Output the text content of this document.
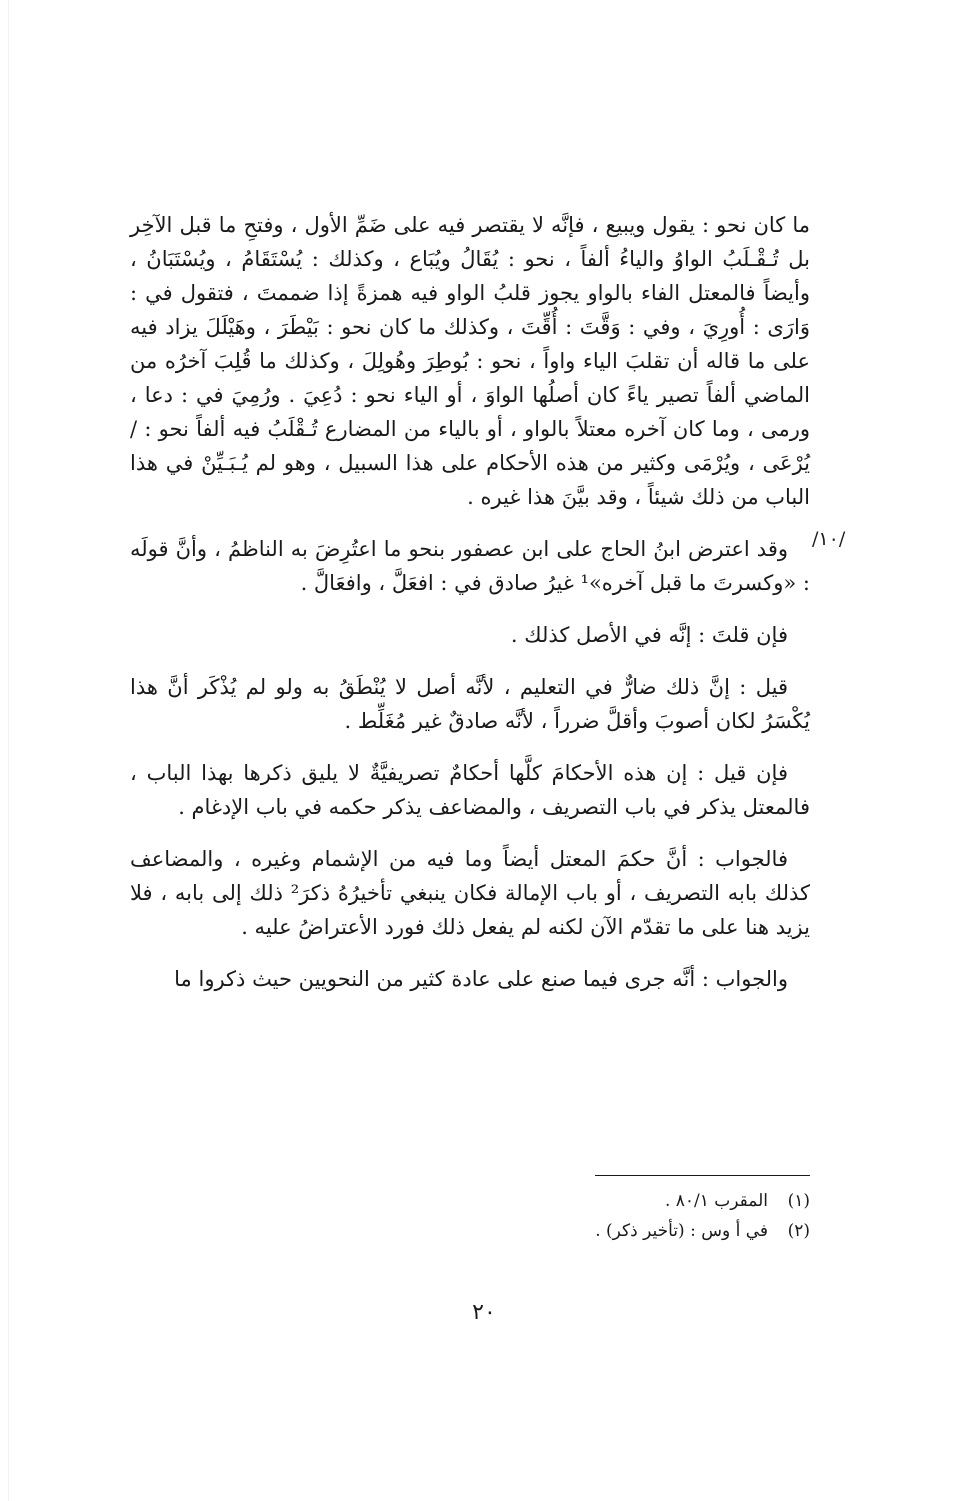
ما كان نحو : يقول ويبيع ، فإنَّه لا يقتصر فيه على ضَمِّ الأول ، وفتحِ ما قبل الآخِر بل تُـقْـلَبُ الواوُ والياءُ ألفاً ، نحو : يُقَالُ ويُبَاع ، وكذلك : يُسْتَقَامُ ، ويُسْتَبَانُ ، وأيضاً فالمعتل الفاء بالواو يجوز قلبُ الواو فيه همزةً إذا ضممتَ ، فتقول في : وَارَى : أُورِيَ ، وفي : وَقَّتَ : أُقِّتَ ، وكذلك ما كان نحو : بَيْطَرَ ، وهَيْلَلَ يزاد فيه على ما قاله أن تقلبَ الياء واواً ، نحو : بُوطِرَ وهُولِلَ ، وكذلك ما قُلِبَ آخرُه من الماضي ألفاً تصير ياءً كان أصلُها الواوَ ، أو الياء نحو : دُعِيَ . ورُمِيَ في : دعا ، ورمى ، وما كان آخره معتلاً بالواو ، أو بالياء من المضارع تُـقْلَبُ فيه ألفاً نحو : / يُرْعَى ، ويُرْمَى وكثير من هذه الأحكام على هذا السبيل ، وهو لم يُـبَـيِّنْ في هذا الباب من ذلك شيئاً ، وقد بيَّنَ هذا غيره .

وقد اعترض ابنُ الحاج على ابن عصفور بنحو ما اعتُرِضَ به الناظمُ ، وأنَّ قولَه : «وكسرتَ ما قبل آخره»¹ غيرُ صادق في : افعَلَّ ، وافعَالَّ .

فإن قلتَ : إنَّه في الأصل كذلك .

قيل : إنَّ ذلك ضارٌّ في التعليم ، لأنَّه أصل لا يُنْطَقُ به ولو لم يُذْكَر أنَّ هذا يُكْسَرُ لكان أصوبَ وأقلَّ ضرراً ، لأنَّه صادقٌ غير مُغَلِّط .

فإن قيل : إن هذه الأحكامَ كلَّها أحكامٌ تصريفيَّةٌ لا يليق ذكرها بهذا الباب ، فالمعتل يذكر في باب التصريف ، والمضاعف يذكر حكمه في باب الإدغام .

فالجواب : أنَّ حكمَ المعتل أيضاً وما فيه من الإشمام وغيره ، والمضاعف كذلك بابه التصريف ، أو باب الإمالة فكان ينبغي تأخيرُهُ ذكرَ² ذلك إلى بابه ، فلا يزيد هنا على ما تقدّم الآن لكنه لم يفعل ذلك فورد الأعتراضُ عليه .

والجواب : أنَّه جرى فيما صنع على عادة كثير من النحويين حيث ذكروا ما

/١٠/
(١)
المقرب ٨٠/١ .
(٢)
في أ وس : (تأخير ذكر) .
٢٠
